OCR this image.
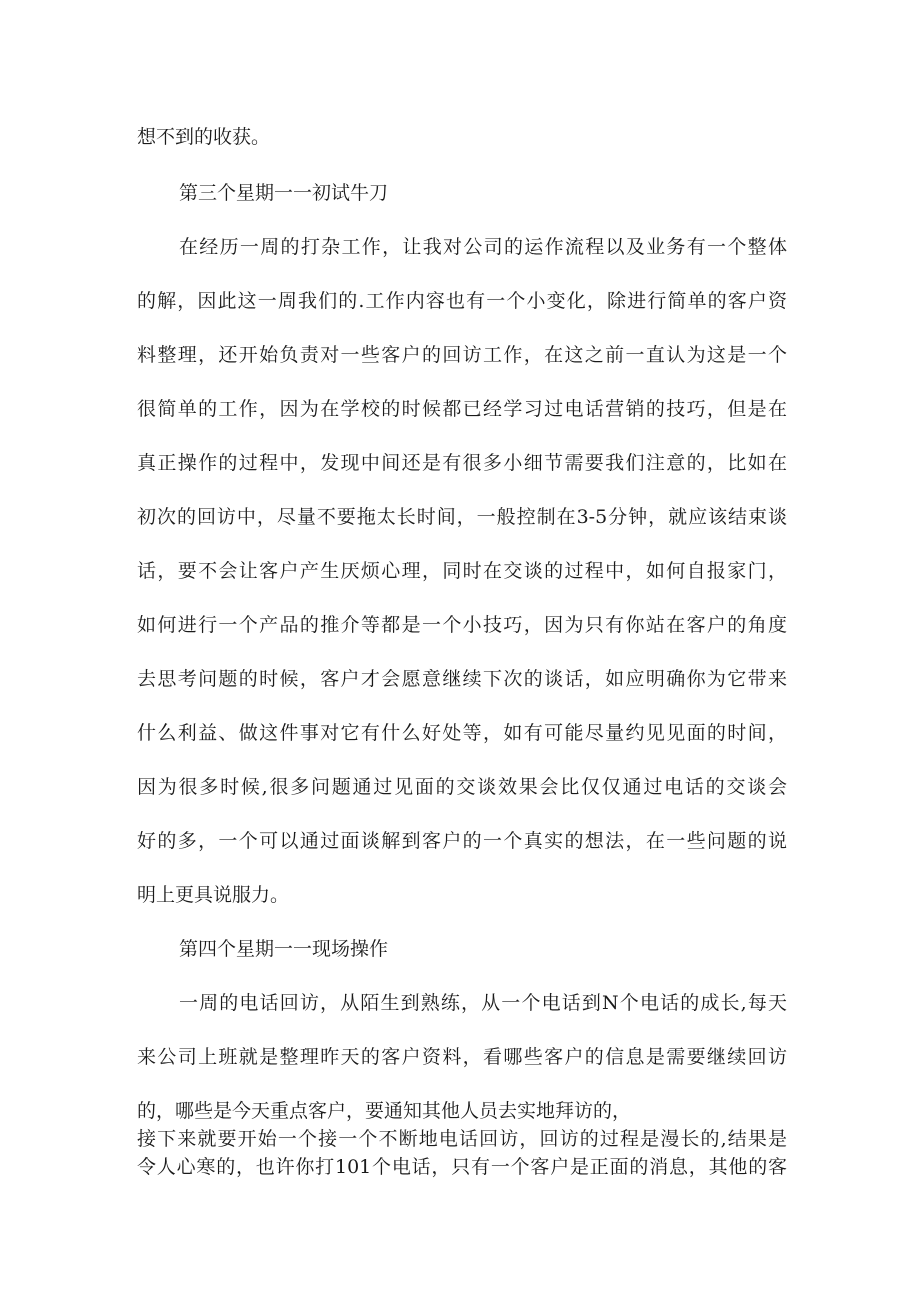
想不到的收获。
第三个星期一一初试牛刀
在经历一周的打杂工作，让我对公司的运作流程以及业务有一个整体
的解，因此这一周我们的.工作内容也有一个小变化，除进行简单的客户资
料整理，还开始负责对一些客户的回访工作，在这之前一直认为这是一个
很简单的工作，因为在学校的时候都已经学习过电话营销的技巧，但是在
真正操作的过程中，发现中间还是有很多小细节需要我们注意的，比如在
初次的回访中，尽量不要拖太长时间，一般控制在3-5分钟，就应该结束谈
话，要不会让客户产生厌烦心理，同时在交谈的过程中，如何自报家门，
如何进行一个产品的推介等都是一个小技巧，因为只有你站在客户的角度
去思考问题的时候，客户才会愿意继续下次的谈话，如应明确你为它带来
什么利益、做这件事对它有什么好处等，如有可能尽量约见见面的时间，
因为很多时候,很多问题通过见面的交谈效果会比仅仅通过电话的交谈会
好的多，一个可以通过面谈解到客户的一个真实的想法，在一些问题的说
明上更具说服力。
第四个星期一一现场操作
一周的电话回访，从陌生到熟练，从一个电话到N个电话的成长,每天
来公司上班就是整理昨天的客户资料，看哪些客户的信息是需要继续回访
的，哪些是今天重点客户，要通知其他人员去实地拜访的，
接下来就要开始一个接一个不断地电话回访，回访的过程是漫长的,结果是
令人心寒的，也许你打101个电话，只有一个客户是正面的消息，其他的客
